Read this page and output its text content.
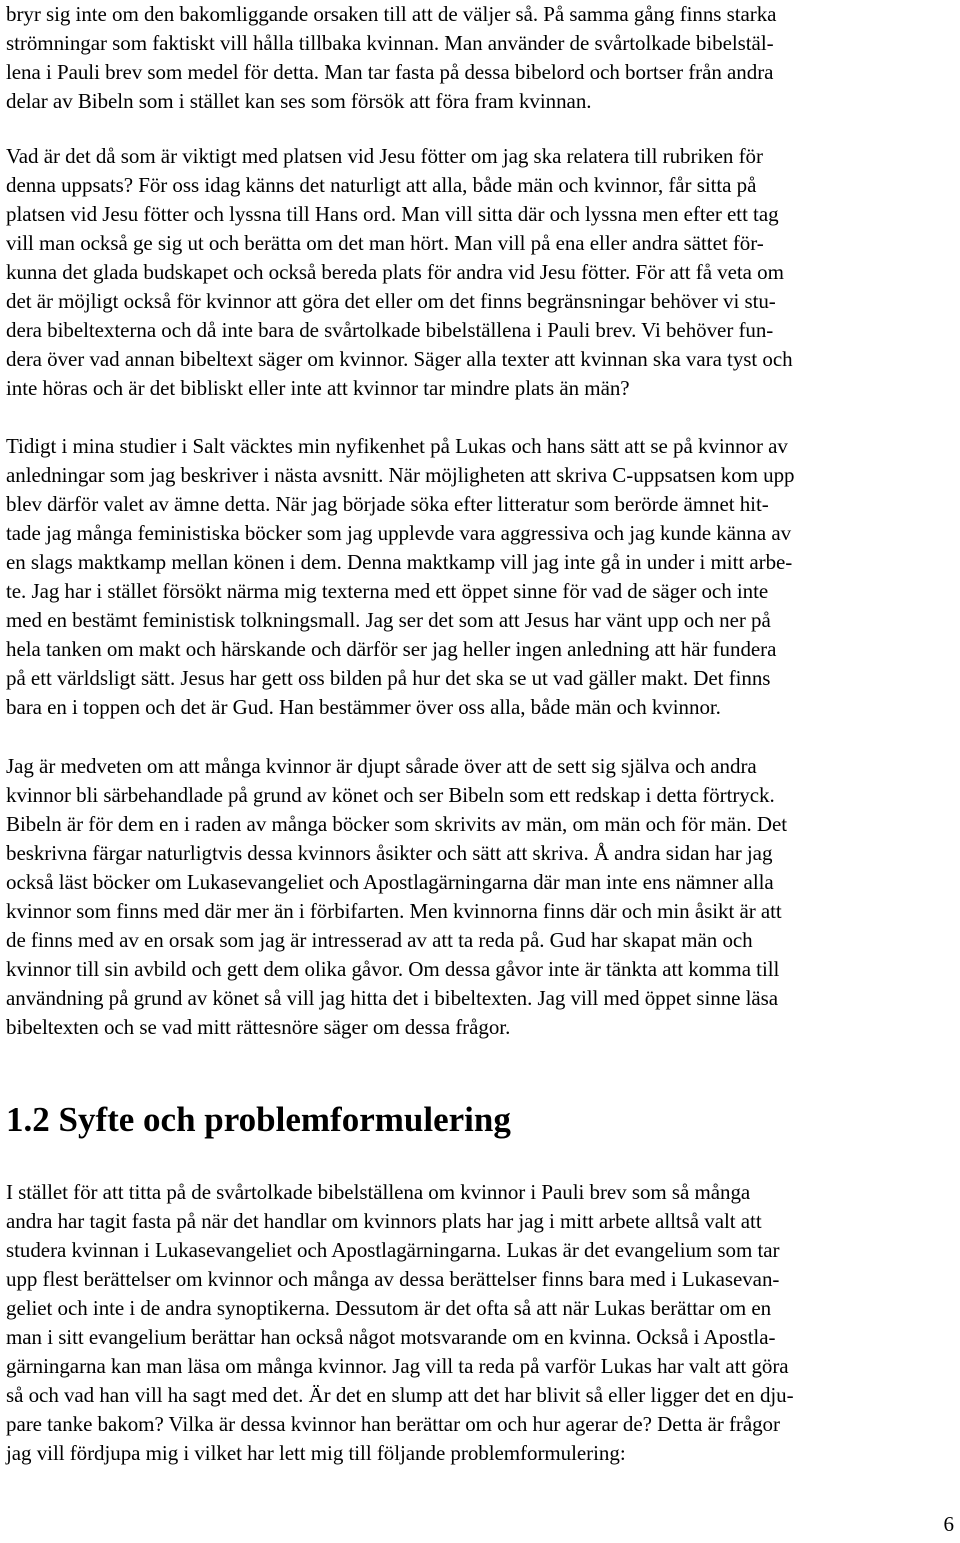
bryr sig inte om den bakomliggande orsaken till att de väljer så. På samma gång finns starka
strömningar som faktiskt vill hålla tillbaka kvinnan. Man använder de svårtolkade bibelstäl-
lena i Pauli brev som medel för detta. Man tar fasta på dessa bibelord och bortser från andra
delar av Bibeln som i stället kan ses som försök att föra fram kvinnan.
Vad är det då som är viktigt med platsen vid Jesu fötter om jag ska relatera till rubriken för
denna uppsats? För oss idag känns det naturligt att alla, både män och kvinnor, får sitta på
platsen vid Jesu fötter och lyssna till Hans ord. Man vill sitta där och lyssna men efter ett tag
vill man också ge sig ut och berätta om det man hört. Man vill på ena eller andra sättet för-
kunna det glada budskapet och också bereda plats för andra vid Jesu fötter. För att få veta om
det är möjligt också för kvinnor att göra det eller om det finns begränsningar behöver vi stu-
dera bibeltexterna och då inte bara de svårtolkade bibelställena i Pauli brev. Vi behöver fun-
dera över vad annan bibeltext säger om kvinnor. Säger alla texter att kvinnan ska vara tyst och
inte höras och är det bibliskt eller inte att kvinnor tar mindre plats än män?
Tidigt i mina studier i Salt väcktes min nyfikenhet på Lukas och hans sätt att se på kvinnor av
anledningar som jag beskriver i nästa avsnitt. När möjligheten att skriva C-uppsatsen kom upp
blev därför valet av ämne detta. När jag började söka efter litteratur som berörde ämnet hit-
tade jag många feministiska böcker som jag upplevde vara aggressiva och jag kunde känna av
en slags maktkamp mellan könen i dem. Denna maktkamp vill jag inte gå in under i mitt arbe-
te. Jag har i stället försökt närma mig texterna med ett öppet sinne för vad de säger och inte
med en bestämt feministisk tolkningsmall. Jag ser det som att Jesus har vänt upp och ner på
hela tanken om makt och härskande och därför ser jag heller ingen anledning att här fundera
på ett världsligt sätt. Jesus har gett oss bilden på hur det ska se ut vad gäller makt. Det finns
bara en i toppen och det är Gud. Han bestämmer över oss alla, både män och kvinnor.
Jag är medveten om att många kvinnor är djupt sårade över att de sett sig själva och andra
kvinnor bli särbehandlade på grund av könet och ser Bibeln som ett redskap i detta förtryck.
Bibeln är för dem en i raden av många böcker som skrivits av män, om män och för män. Det
beskrivna färgar naturligtvis dessa kvinnors åsikter och sätt att skriva. Å andra sidan har jag
också läst böcker om Lukasevangeliet och Apostlagärningarna där man inte ens nämner alla
kvinnor som finns med där mer än i förbifarten. Men kvinnorna finns där och min åsikt är att
de finns med av en orsak som jag är intresserad av att ta reda på. Gud har skapat män och
kvinnor till sin avbild och gett dem olika gåvor. Om dessa gåvor inte är tänkta att komma till
användning på grund av könet så vill jag hitta det i bibeltexten. Jag vill med öppet sinne läsa
bibeltexten och se vad mitt rättesnöre säger om dessa frågor.
1.2 Syfte och problemformulering
I stället för att titta på de svårtolkade bibelställena om kvinnor i Pauli brev som så många
andra har tagit fasta på när det handlar om kvinnors plats har jag i mitt arbete alltså valt att
studera kvinnan i Lukasevangeliet och Apostlagärningarna. Lukas är det evangelium som tar
upp flest berättelser om kvinnor och många av dessa berättelser finns bara med i Lukasevan-
geliet och inte i de andra synoptikerna. Dessutom är det ofta så att när Lukas berättar om en
man i sitt evangelium berättar han också något motsvarande om en kvinna. Också i Apostla-
gärningarna kan man läsa om många kvinnor. Jag vill ta reda på varför Lukas har valt att göra
så och vad han vill ha sagt med det. Är det en slump att det har blivit så eller ligger det en dju-
pare tanke bakom? Vilka är dessa kvinnor han berättar om och hur agerar de? Detta är frågor
jag vill fördjupa mig i vilket har lett mig till följande problemformulering:
6
